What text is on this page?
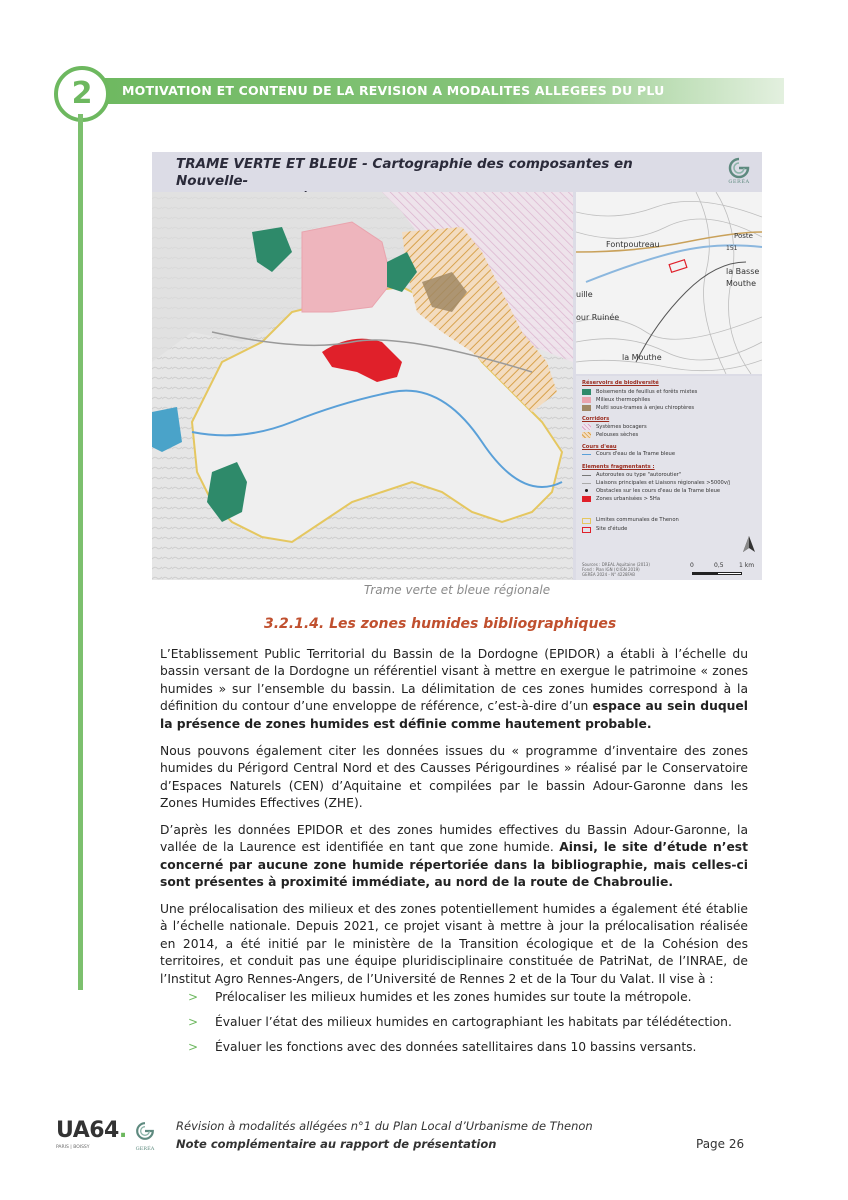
2	MOTIVATION ET CONTENU DE LA REVISION A MODALITES ALLEGEES DU PLU
TRAME VERTE ET BLEUE - Cartographie des composantes en Nouvelle-	GERÉA
Fontpoutreau
Poste
151
la Basse
Mouthe
uille
our Ruinée
la Mouthe
Réservoirs de biodiversité
Boisements de feuillus et forêts mixtes
Milieux thermophiles
Multi sous-trames à enjeu chiroptères
Corridors
Systèmes bocagers
Pelouses sèches
Cours d'eau
Cours d'eau de la Trame bleue
Elements fragmentants :
Autoroutes ou type "autoroutier"
Liaisons principales et Liaisons régionales >5000v/j
Obstacles sur les cours d'eau de la Trame bleue
Zones urbanisées > 5Ha
Limites communales de Thenon
Site d'étude
Sources : DREAL Aquitaine (2013)
Fond : Plan IGN (©IGN 2019)
GERÉA 2024 - N° 4228FAB
0	0,5	1 km
Trame verte et bleue régionale
3.2.1.4. Les zones humides bibliographiques
L’Etablissement Public Territorial du Bassin de la Dordogne (EPIDOR) a établi à l’échelle du bassin versant de la Dordogne un référentiel visant à mettre en exergue le patrimoine « zones humides » sur l’ensemble du bassin. La délimitation de ces zones humides correspond à la définition du contour d’une enveloppe de référence, c’est-à-dire d’un espace au sein duquel la présence de zones humides est définie comme hautement probable.
Nous pouvons également citer les données issues du « programme d’inventaire des zones humides du Périgord Central Nord et des Causses Périgourdines » réalisé par le Conservatoire d’Espaces Naturels (CEN) d’Aquitaine et compilées par le bassin Adour-Garonne dans les Zones Humides Effectives (ZHE).
D’après les données EPIDOR et des zones humides effectives du Bassin Adour-Garonne, la vallée de la Laurence est identifiée en tant que zone humide. Ainsi, le site d’étude n’est concerné par aucune zone humide répertoriée dans la bibliographie, mais celles-ci sont présentes à proximité immédiate, au nord de la route de Chabroulie.
Une prélocalisation des milieux et des zones potentiellement humides a également été établie à l’échelle nationale. Depuis 2021, ce projet visant à mettre à jour la prélocalisation réalisée en 2014, a été initié par le ministère de la Transition écologique et de la Cohésion des territoires, et conduit pas une équipe pluridisciplinaire constituée de PatriNat, de l’INRAE, de l’Institut Agro Rennes-Angers, de l’Université de Rennes 2 et de la Tour du Valat. Il vise à :
> Prélocaliser les milieux humides et les zones humides sur toute la métropole.
> Évaluer l’état des milieux humides en cartographiant les habitats par télédétection.
> Évaluer les fonctions avec des données satellitaires dans 10 bassins versants.
UA64.
PARIS | BOISSY	GERÉA
Révision à modalités allégées n°1 du Plan Local d’Urbanisme de Thenon
Note complémentaire au rapport de présentation	Page 26
